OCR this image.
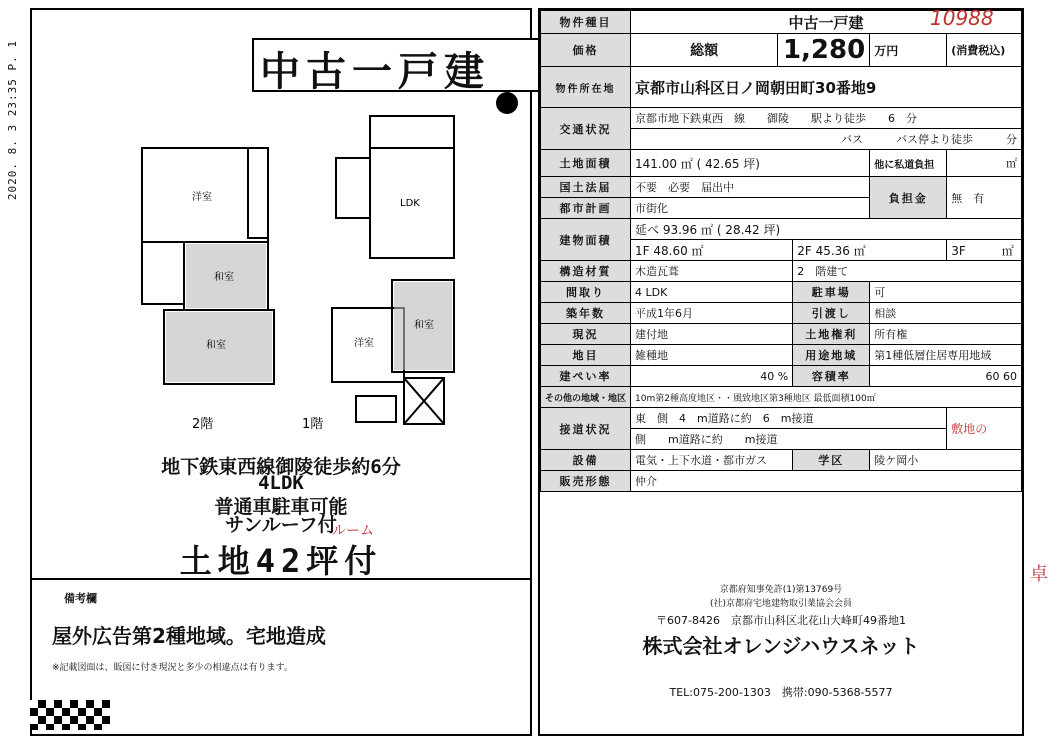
2020. 8. 3 23:35 P. 1	中古一戸建
洋室
和室
和室
LDK
和室
洋室
2階	1階
地下鉄東西線御陵徒歩約6分
4LDK
普通車駐車可能
サンルーフ付
ルーム
土地42坪付
備考欄
屋外広告第2種地域。宅地造成
※記載図面は、販図に付き現況と多少の相違点は有ります。
物件種目	中古一戸建				
価格	総額	1,280		万円	(消費税込)
物件所在地	京都市山科区日ノ岡朝田町30番地9				
交通状況	京都市地下鉄東西　線　　御陵　　駅より徒歩　　6　分				
	バス　　　バス停より徒歩　　　分				
土地面積	141.00 ㎡ ( 42.65 坪)			他に私道負担	㎡
国土法届	不要　必要　届出中			負担金	無　有
都市計画	市街化				
建物面積	延べ 93.96 ㎡ ( 28.42 坪)				
	1F 48.60 ㎡		2F 45.36 ㎡		3F　　　㎡
構造材質	木造瓦葺		2　階建て		
間取り	4 LDK		駐車場	可	
築年数	平成1年6月		引渡し	相談	
現況	建付地		土地権利	所有権	
地目	雑種地		用途地域	第1種低層住居専用地域	
建ぺい率	40 %		容積率	60 60	
その他の地域・地区	10m第2種高度地区・・風致地区第3種地区 最低面積100㎡				
接道状況	東　側　4　m道路に約　6　m接道				敷地の
	側　　m道路に約　　m接道				
設備	電気・上下水道・都市ガス		学区	陵ケ岡小	
販売形態	仲介				
京都府知事免許(1)第13769号
(社)京都府宅地建物取引業協会会員
〒607-8426　京都市山科区北花山大峰町49番地1
株式会社オレンジハウスネット
TEL:075-200-1303　携帯:090-5368-5577
10988
卓
